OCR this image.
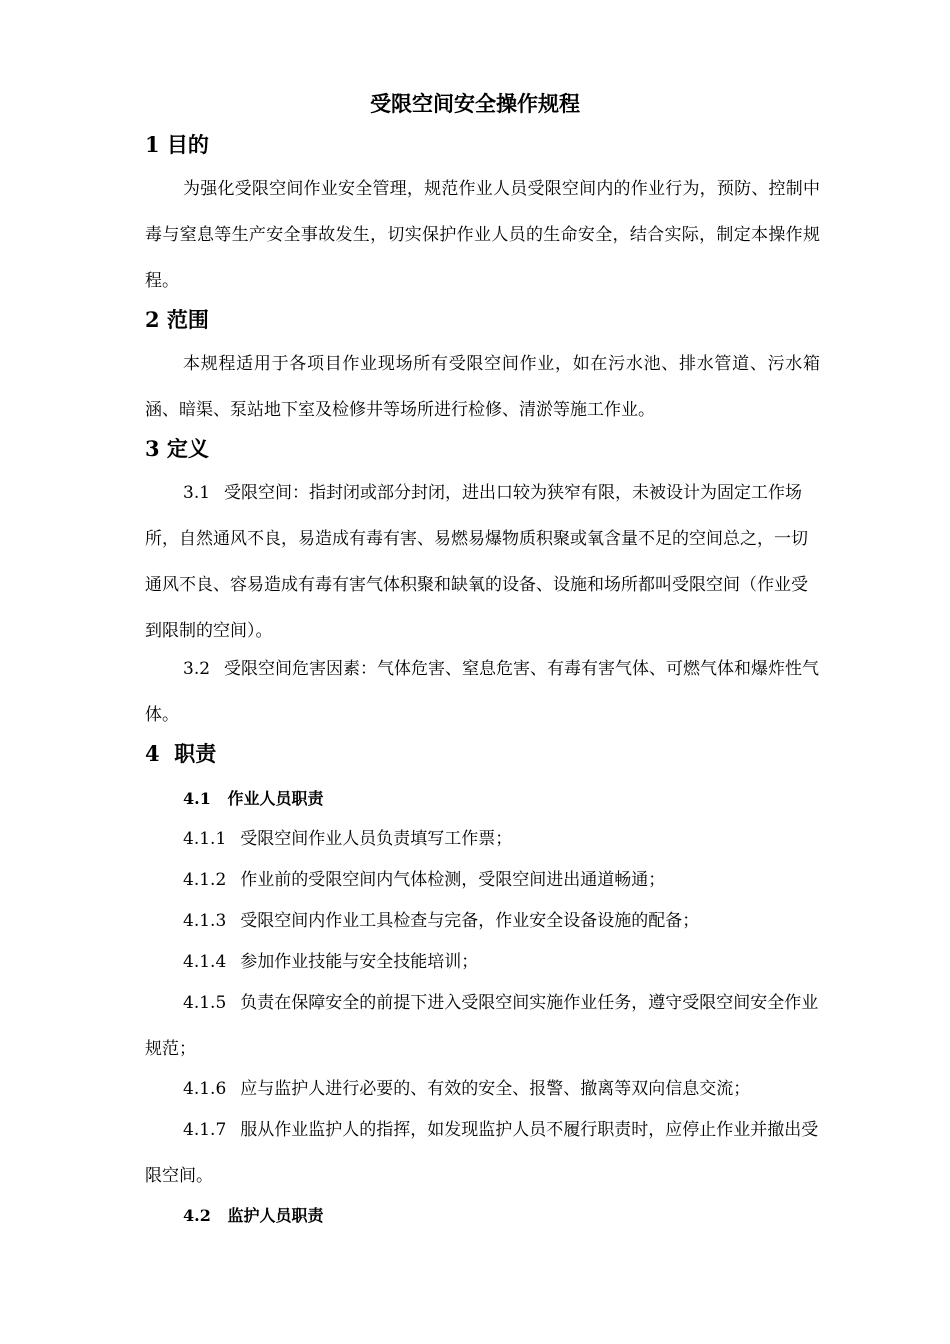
受限空间安全操作规程
1 目的

为强化受限空间作业安全管理，规范作业人员受限空间内的作业行为，预防、控制中毒与窒息等生产安全事故发生，切实保护作业人员的生命安全，结合实际，制定本操作规程。

2 范围

本规程适用于各项目作业现场所有受限空间作业，如在污水池、排水管道、污水箱涵、暗渠、泵站地下室及检修井等场所进行检修、清淤等施工作业。

3 定义

3.1 受限空间：指封闭或部分封闭，进出口较为狭窄有限，未被设计为固定工作场所，自然通风不良，易造成有毒有害、易燃易爆物质积聚或氧含量不足的空间总之，一切通风不良、容易造成有毒有害气体积聚和缺氧的设备、设施和场所都叫受限空间（作业受到限制的空间）。

3.2 受限空间危害因素：气体危害、窒息危害、有毒有害气体、可燃气体和爆炸性气体。

4  职责
4.1   作业人员职责

4.1.1 受限空间作业人员负责填写工作票；

4.1.2 作业前的受限空间内气体检测，受限空间进出通道畅通；

4.1.3 受限空间内作业工具检查与完备，作业安全设备设施的配备；

4.1.4 参加作业技能与安全技能培训；

4.1.5 负责在保障安全的前提下进入受限空间实施作业任务，遵守受限空间安全作业规范；

4.1.6 应与监护人进行必要的、有效的安全、报警、撤离等双向信息交流；

4.1.7 服从作业监护人的指挥，如发现监护人员不履行职责时，应停止作业并撤出受限空间。

4.2   监护人员职责
